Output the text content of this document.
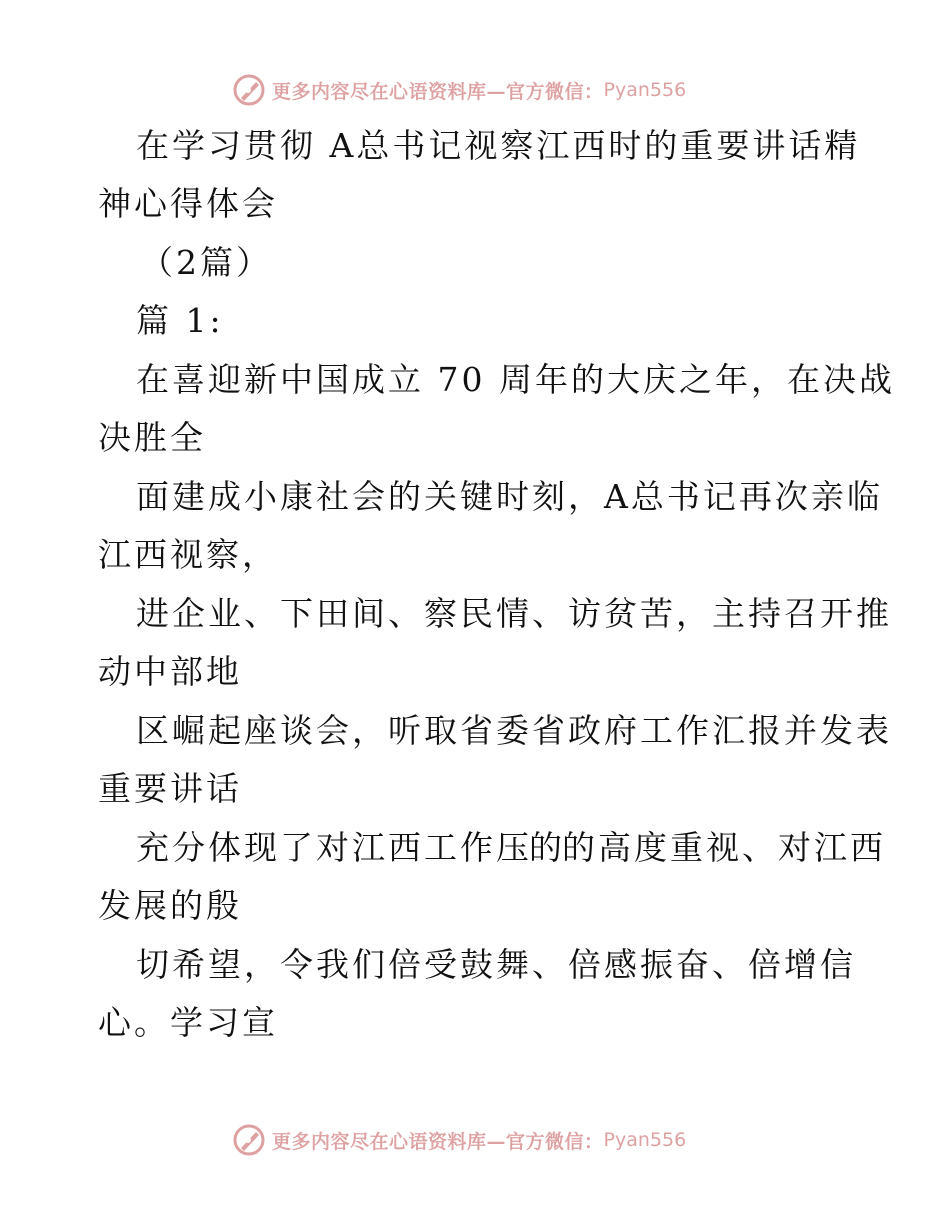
更多内容尽在心语资料库—官方微信： Pyan556
在学习贯彻 A总书记视察江西时的重要讲话精
神心得体会
（2篇）
篇 1:
在喜迎新中国成立 70 周年的大庆之年，在决战
决胜全
面建成小康社会的关键时刻，A总书记再次亲临
江西视察，
进企业、下田间、察民情、访贫苦，主持召开推
动中部地
区崛起座谈会，听取省委省政府工作汇报并发表
重要讲话
充分体现了对江西工作压的的高度重视、对江西
发展的殷
切希望，令我们倍受鼓舞、倍感振奋、倍增信
心。学习宣
更多内容尽在心语资料库—官方微信： Pyan556
